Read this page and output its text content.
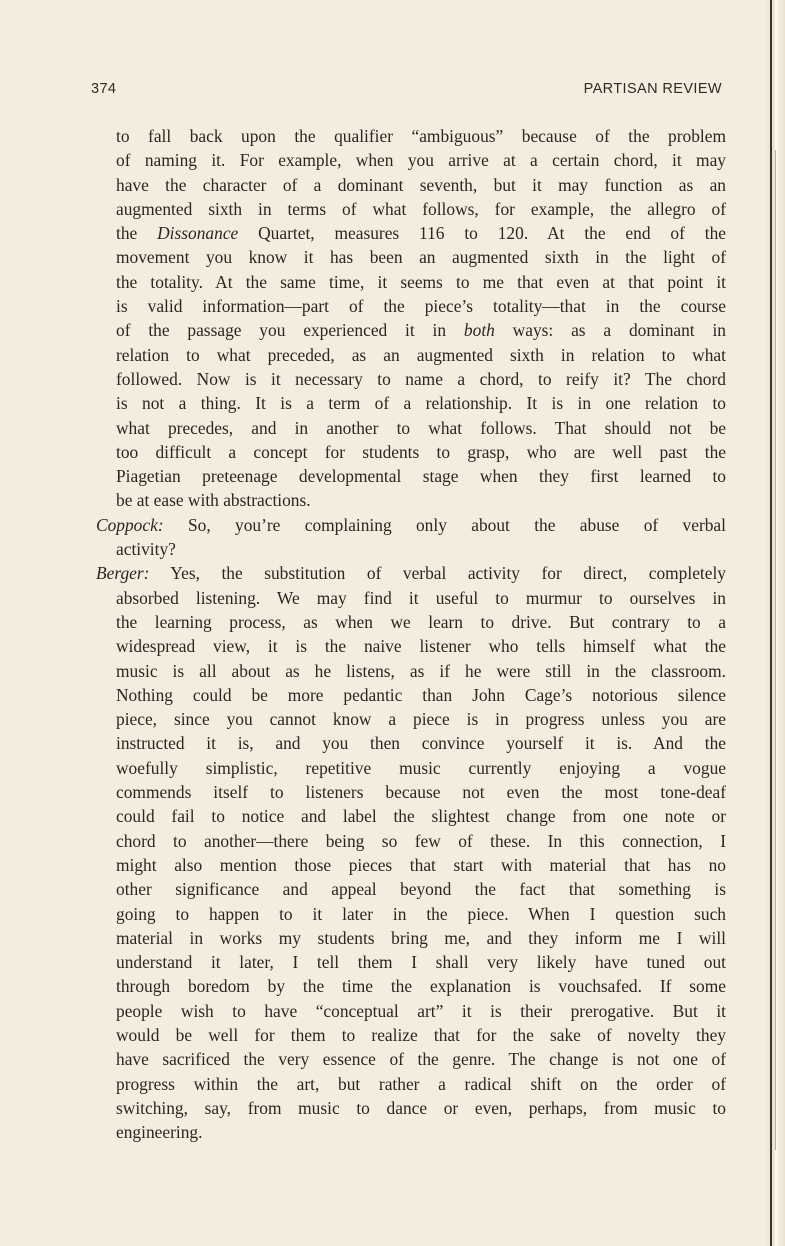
374	PARTISAN REVIEW
to fall back upon the qualifier “ambiguous” because of the problem
of naming it. For example, when you arrive at a certain chord, it may
have the character of a dominant seventh, but it may function as an
augmented sixth in terms of what follows, for example, the allegro of
the Dissonance Quartet, measures 116 to 120. At the end of the
movement you know it has been an augmented sixth in the light of
the totality. At the same time, it seems to me that even at that point it
is valid information—part of the piece’s totality—that in the course
of the passage you experienced it in both ways: as a dominant in
relation to what preceded, as an augmented sixth in relation to what
followed. Now is it necessary to name a chord, to reify it? The chord
is not a thing. It is a term of a relationship. It is in one relation to
what precedes, and in another to what follows. That should not be
too difficult a concept for students to grasp, who are well past the
Piagetian preteenage developmental stage when they first learned to
be at ease with abstractions.
Coppock: So, you’re complaining only about the abuse of verbal
activity?
Berger: Yes, the substitution of verbal activity for direct, completely
absorbed listening. We may find it useful to murmur to ourselves in
the learning process, as when we learn to drive. But contrary to a
widespread view, it is the naive listener who tells himself what the
music is all about as he listens, as if he were still in the classroom.
Nothing could be more pedantic than John Cage’s notorious silence
piece, since you cannot know a piece is in progress unless you are
instructed it is, and you then convince yourself it is. And the
woefully simplistic, repetitive music currently enjoying a vogue
commends itself to listeners because not even the most tone-deaf
could fail to notice and label the slightest change from one note or
chord to another—there being so few of these. In this connection, I
might also mention those pieces that start with material that has no
other significance and appeal beyond the fact that something is
going to happen to it later in the piece. When I question such
material in works my students bring me, and they inform me I will
understand it later, I tell them I shall very likely have tuned out
through boredom by the time the explanation is vouchsafed. If some
people wish to have “conceptual art” it is their prerogative. But it
would be well for them to realize that for the sake of novelty they
have sacrificed the very essence of the genre. The change is not one of
progress within the art, but rather a radical shift on the order of
switching, say, from music to dance or even, perhaps, from music to
engineering.
